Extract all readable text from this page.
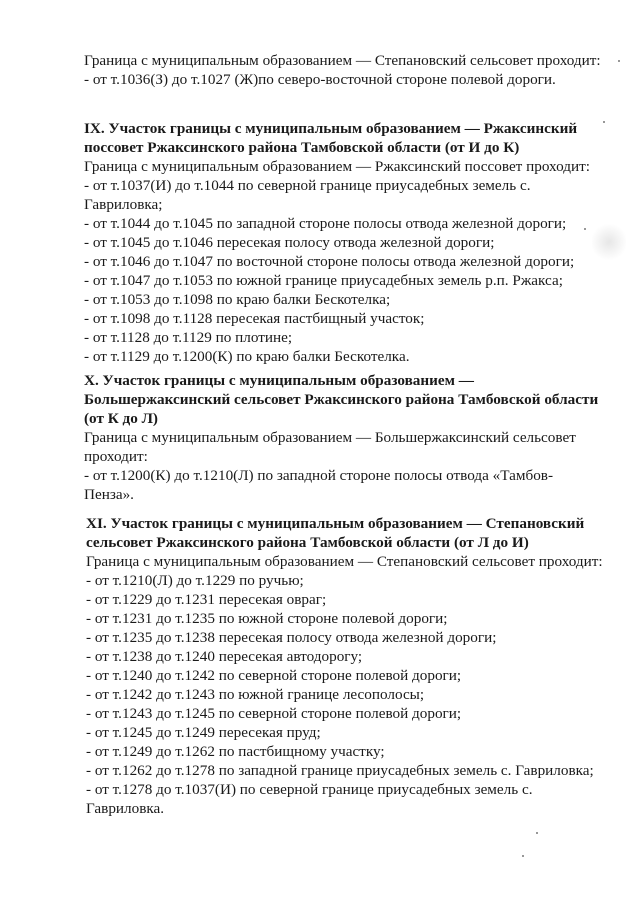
Граница с муниципальным образованием — Степановский сельсовет проходит:
- от т.1036(З) до т.1027 (Ж)по северо-восточной стороне полевой дороги.
IX. Участок границы с муниципальным образованием — Ржаксинский
поссовет Ржаксинского района Тамбовской области (от И до К)
Граница с муниципальным образованием — Ржаксинский поссовет проходит:
- от т.1037(И) до т.1044 по северной границе приусадебных земель с.
Гавриловка;
- от т.1044 до т.1045 по западной стороне полосы отвода железной дороги;
- от т.1045 до т.1046 пересекая полосу отвода железной дороги;
- от т.1046 до т.1047 по восточной стороне полосы отвода железной дороги;
- от т.1047 до т.1053 по южной границе приусадебных земель р.п. Ржакса;
- от т.1053 до т.1098 по краю балки Бескотелка;
- от т.1098 до т.1128 пересекая пастбищный участок;
- от т.1128 до т.1129 по плотине;
- от т.1129 до т.1200(К) по краю балки Бескотелка.
X. Участок границы с муниципальным образованием —
Большержаксинский сельсовет Ржаксинского района Тамбовской области
(от К до Л)
Граница с муниципальным образованием — Большержаксинский сельсовет
проходит:
- от т.1200(К) до т.1210(Л) по западной стороне полосы отвода «Тамбов-
Пенза».
XI. Участок границы с муниципальным образованием — Степановский
сельсовет Ржаксинского района Тамбовской области (от Л до И)
Граница с муниципальным образованием — Степановский сельсовет проходит:
- от т.1210(Л) до т.1229 по ручью;
- от т.1229 до т.1231 пересекая овраг;
- от т.1231 до т.1235 по южной стороне полевой дороги;
- от т.1235 до т.1238 пересекая полосу отвода железной дороги;
- от т.1238 до т.1240 пересекая автодорогу;
- от т.1240 до т.1242 по северной стороне полевой дороги;
- от т.1242 до т.1243 по южной границе лесополосы;
- от т.1243 до т.1245 по северной стороне полевой дороги;
- от т.1245 до т.1249 пересекая пруд;
- от т.1249 до т.1262 по пастбищному участку;
- от т.1262 до т.1278 по западной границе приусадебных земель с. Гавриловка;
- от т.1278 до т.1037(И) по северной границе приусадебных земель с.
Гавриловка.
